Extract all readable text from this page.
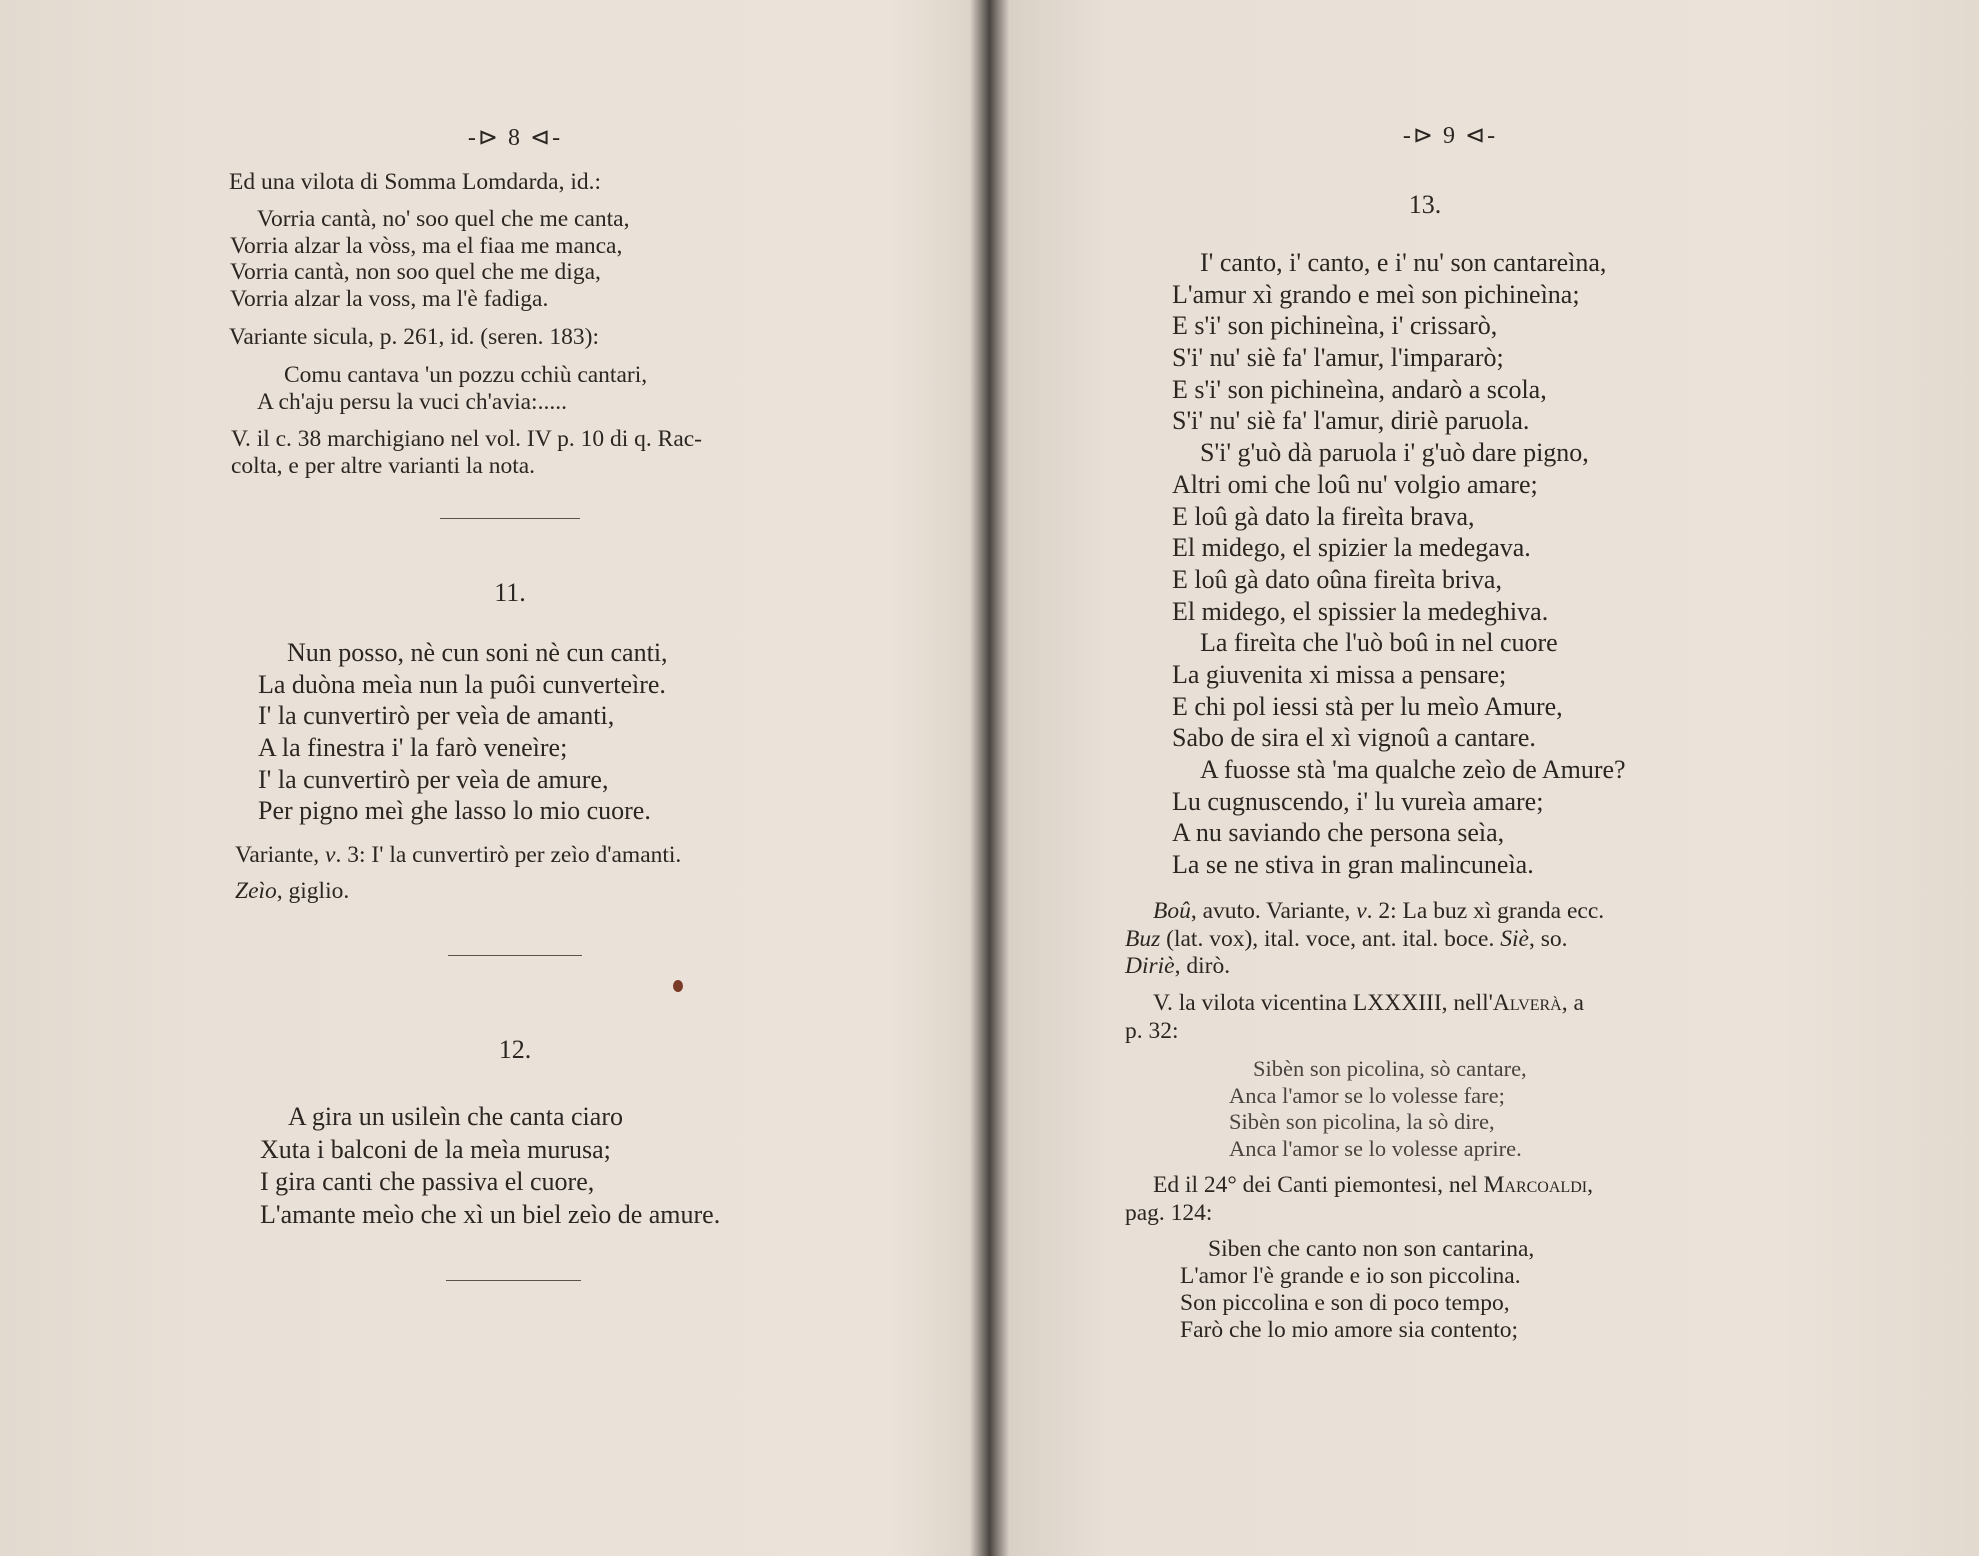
-⊳ 8 ⊲-
Ed una vilota di Somma Lomdarda, id.:
Vorria cantà, no' soo quel che me canta,
Vorria alzar la vòss, ma el fiaa me manca,
Vorria cantà, non soo quel che me diga,
Vorria alzar la voss, ma l'è fadiga.
Variante sicula, p. 261, id. (seren. 183):
Comu cantava 'un pozzu cchiù cantari,
A ch'aju persu la vuci ch'avia:.....
V. il c. 38 marchigiano nel vol. IV p. 10 di q. Rac-
colta, e per altre varianti la nota.
11.
Nun posso, nè cun soni nè cun canti,
La duòna meìa nun la puôi cunverteìre.
I' la cunvertirò per veìa de amanti,
A la finestra i' la farò veneìre;
I' la cunvertirò per veìa de amure,
Per pigno meì ghe lasso lo mio cuore.
Variante, v. 3: I' la cunvertirò per zeìo d'amanti.
Zeìo, giglio.
12.
A gira un usileìn che canta ciaro
Xuta i balconi de la meìa murusa;
I gira canti che passiva el cuore,
L'amante meìo che xì un biel zeìo de amure.
-⊳ 9 ⊲-
13.
I' canto, i' canto, e i' nu' son cantareìna,
L'amur xì grando e meì son pichineìna;
E s'i' son pichineìna, i' crissarò,
S'i' nu' siè fa' l'amur, l'impararò;
E s'i' son pichineìna, andarò a scola,
S'i' nu' siè fa' l'amur, diriè paruola.
S'i' g'uò dà paruola i' g'uò dare pigno,
Altri omi che loû nu' volgio amare;
E loû gà dato la fireìta brava,
El midego, el spizier la medegava.
E loû gà dato oûna fireìta briva,
El midego, el spissier la medeghiva.
La fireìta che l'uò boû in nel cuore
La giuvenita xi missa a pensare;
E chi pol iessi stà per lu meìo Amure,
Sabo de sira el xì vignoû a cantare.
A fuosse stà 'ma qualche zeìo de Amure?
Lu cugnuscendo, i' lu vureìa amare;
A nu saviando che persona seìa,
La se ne stiva in gran malincuneìa.
Boû, avuto. Variante, v. 2: La buz xì granda ecc.
Buz (lat. vox), ital. voce, ant. ital. boce. Siè, so.
Diriè, dirò.
V. la vilota vicentina LXXXIII, nell'Alverà, a
p. 32:
Sibèn son picolina, sò cantare,
Anca l'amor se lo volesse fare;
Sibèn son picolina, la sò dire,
Anca l'amor se lo volesse aprire.
Ed il 24° dei Canti piemontesi, nel Marcoaldi,
pag. 124:
Siben che canto non son cantarina,
L'amor l'è grande e io son piccolina.
Son piccolina e son di poco tempo,
Farò che lo mio amore sia contento;
